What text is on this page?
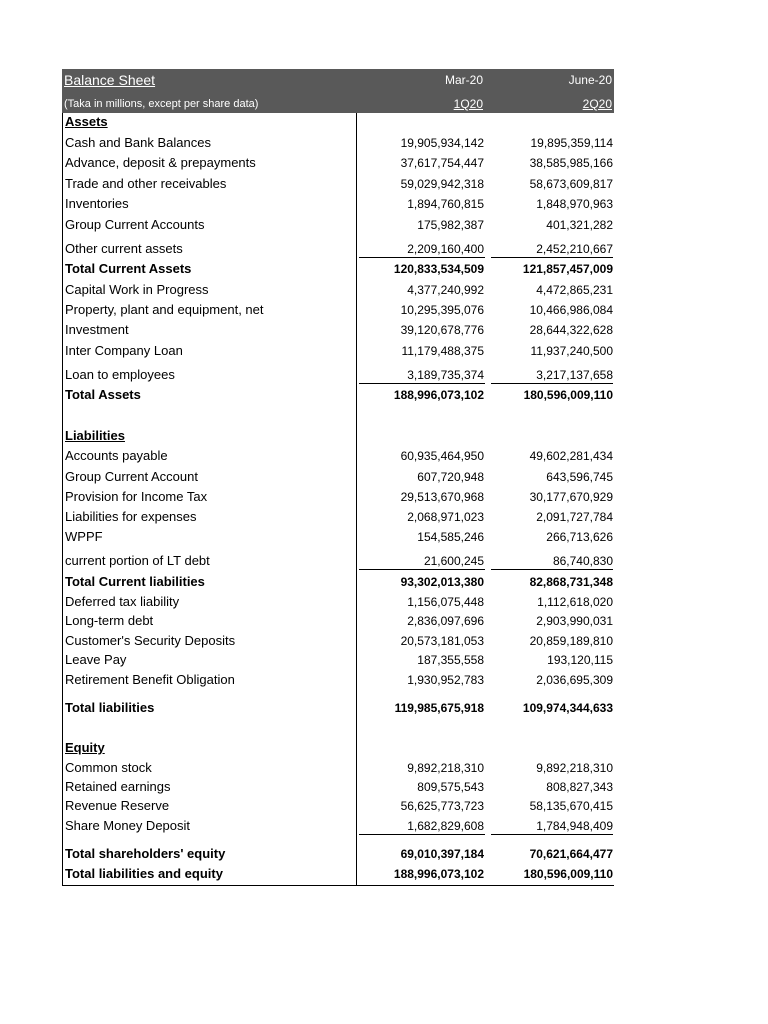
Balance Sheet
(Taka in millions, except per share data)
Mar-20	June-20
1Q20	2Q20
Assets
Cash and Bank Balances	19,905,934,142	19,895,359,114
Advance, deposit & prepayments	37,617,754,447	38,585,985,166
Trade and other receivables	59,029,942,318	58,673,609,817
Inventories	1,894,760,815	1,848,970,963
Group Current Accounts	175,982,387	401,321,282
Other current assets	2,209,160,400	2,452,210,667
Total Current Assets	120,833,534,509	121,857,457,009
Capital Work in Progress	4,377,240,992	4,472,865,231
Property, plant and equipment, net	10,295,395,076	10,466,986,084
Investment	39,120,678,776	28,644,322,628
Inter Company Loan	11,179,488,375	11,937,240,500
Loan to employees	3,189,735,374	3,217,137,658
Total Assets	188,996,073,102	180,596,009,110
Liabilities
Accounts payable	60,935,464,950	49,602,281,434
Group Current Account	607,720,948	643,596,745
Provision for Income Tax	29,513,670,968	30,177,670,929
Liabilities for expenses	2,068,971,023	2,091,727,784
WPPF	154,585,246	266,713,626
current portion of LT debt	21,600,245	86,740,830
Total Current liabilities	93,302,013,380	82,868,731,348
Deferred tax liability	1,156,075,448	1,112,618,020
Long-term debt	2,836,097,696	2,903,990,031
Customer's Security Deposits	20,573,181,053	20,859,189,810
Leave Pay	187,355,558	193,120,115
Retirement Benefit Obligation	1,930,952,783	2,036,695,309
Total liabilities	119,985,675,918	109,974,344,633
Equity
Common stock	9,892,218,310	9,892,218,310
Retained earnings	809,575,543	808,827,343
Revenue Reserve	56,625,773,723	58,135,670,415
Share Money Deposit	1,682,829,608	1,784,948,409
Total shareholders' equity	69,010,397,184	70,621,664,477
Total liabilities and equity	188,996,073,102	180,596,009,110
